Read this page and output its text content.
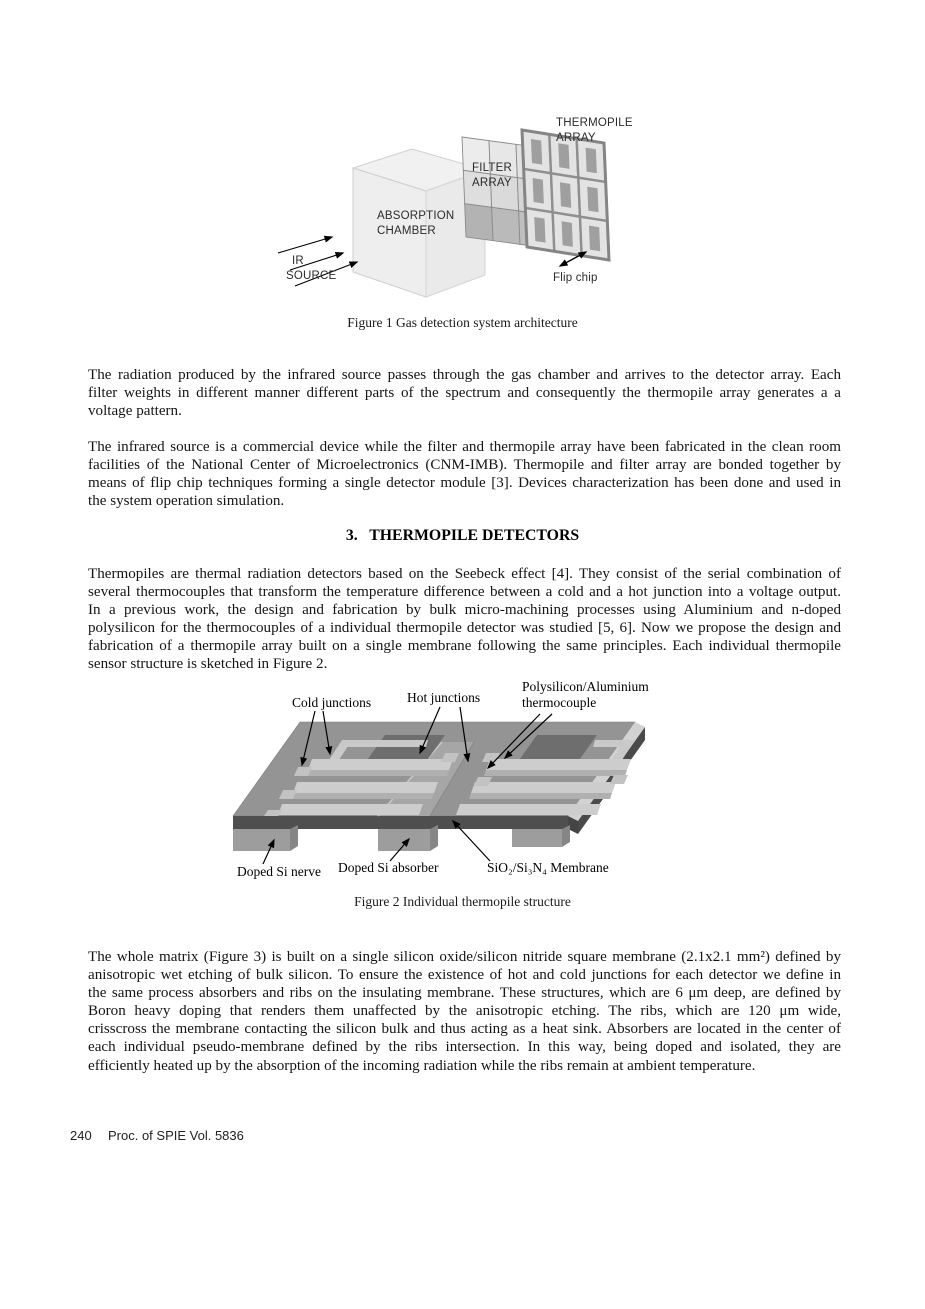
THERMOPILE
ARRAY
FILTER
ARRAY
ABSORPTION
CHAMBER
IR
SOURCE	Flip chip
Figure 1 Gas detection system architecture
The radiation produced by the infrared source passes through the gas chamber and arrives to the detector array. Each
filter weights in different manner different parts of the spectrum and consequently the thermopile array generates a a
voltage pattern.
The infrared source is a commercial device while the filter and thermopile array have been fabricated in the clean room
facilities of the National Center of Microelectronics (CNM-IMB). Thermopile and filter array are bonded together by
means of flip chip techniques forming a single detector module [3]. Devices characterization has been done and used in
the system operation simulation.
3.   THERMOPILE DETECTORS
Thermopiles are thermal radiation detectors based on the Seebeck effect [4]. They consist of the serial combination of
several thermocouples that transform the temperature difference between a cold and a hot junction into a voltage output.
In a previous work, the design and fabrication by bulk micro-machining processes using Aluminium and n-doped
polysilicon for the thermocouples of a individual thermopile detector was studied [5, 6]. Now we propose the design and
fabrication of a thermopile array built on a single membrane following the same principles. Each individual thermopile
sensor structure is sketched in Figure 2.
Cold junctions	Hot junctions
Polysilicon/Aluminium
thermocouple
Doped Si nerve Doped Si absorber	SiO₂/Si₃N₄ Membrane
Figure 2 Individual thermopile structure
The whole matrix (Figure 3) is built on a single silicon oxide/silicon nitride square membrane (2.1x2.1 mm²) defined by
anisotropic wet etching of bulk silicon. To ensure the existence of hot and cold junctions for each detector we define in
the same process absorbers and ribs on the insulating membrane. These structures, which are 6 μm deep, are defined by
Boron heavy doping that renders them unaffected by the anisotropic etching. The ribs, which are 120 μm wide,
crisscross the membrane contacting the silicon bulk and thus acting as a heat sink. Absorbers are located in the center of
each individual pseudo-membrane defined by the ribs intersection. In this way, being doped and isolated, they are
efficiently heated up by the absorption of the incoming radiation while the ribs remain at ambient temperature.
240 Proc. of SPIE Vol. 5836
